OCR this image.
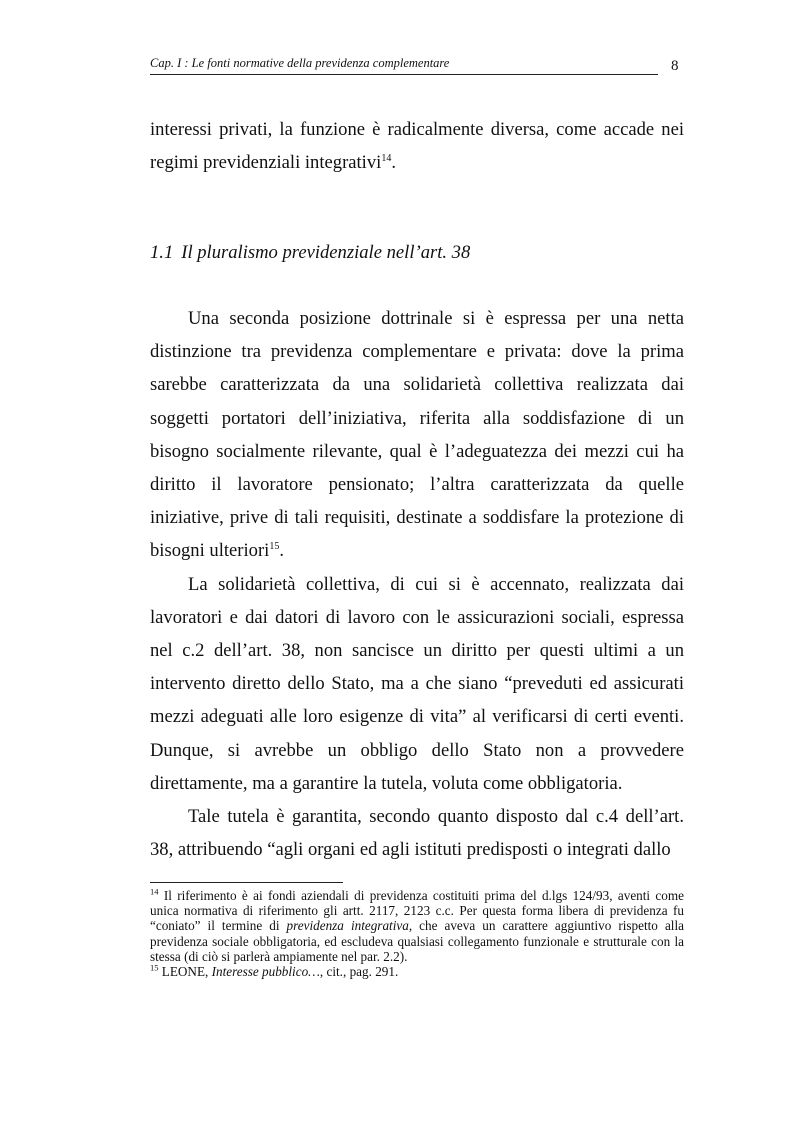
Cap. I : Le fonti normative della previdenza complementare	8

interessi privati, la funzione è radicalmente diversa, come accade nei regimi previdenziali integrativi$^{14}$.

1.1 Il pluralismo previdenziale nell’art. 38

Una seconda posizione dottrinale si è espressa per una netta distinzione tra previdenza complementare e privata: dove la prima sarebbe caratterizzata da una solidarietà collettiva realizzata dai soggetti portatori dell’iniziativa, riferita alla soddisfazione di un bisogno socialmente rilevante, qual è l’adeguatezza dei mezzi cui ha diritto il lavoratore pensionato; l’altra caratterizzata da quelle iniziative, prive di tali requisiti, destinate a soddisfare la protezione di bisogni ulteriori$^{15}$.

La solidarietà collettiva, di cui si è accennato, realizzata dai lavoratori e dai datori di lavoro con le assicurazioni sociali, espressa nel c.2 dell’art. 38, non sancisce un diritto per questi ultimi a un intervento diretto dello Stato, ma a che siano “preveduti ed assicurati mezzi adeguati alle loro esigenze di vita” al verificarsi di certi eventi. Dunque, si avrebbe un obbligo dello Stato non a provvedere direttamente, ma a garantire la tutela, voluta come obbligatoria.

Tale tutela è garantita, secondo quanto disposto dal c.4 dell’art. 38, attribuendo “agli organi ed agli istituti predisposti o integrati dallo

$^{14}$ Il riferimento è ai fondi aziendali di previdenza costituiti prima del d.lgs 124/93, aventi come unica normativa di riferimento gli artt. 2117, 2123 c.c. Per questa forma libera di previdenza fu “coniato” il termine di previdenza integrativa, che aveva un carattere aggiuntivo rispetto alla previdenza sociale obbligatoria, ed escludeva qualsiasi collegamento funzionale e strutturale con la stessa (di ciò si parlerà ampiamente nel par. 2.2).

$^{15}$ LEONE, Interesse pubblico…, cit., pag. 291.
